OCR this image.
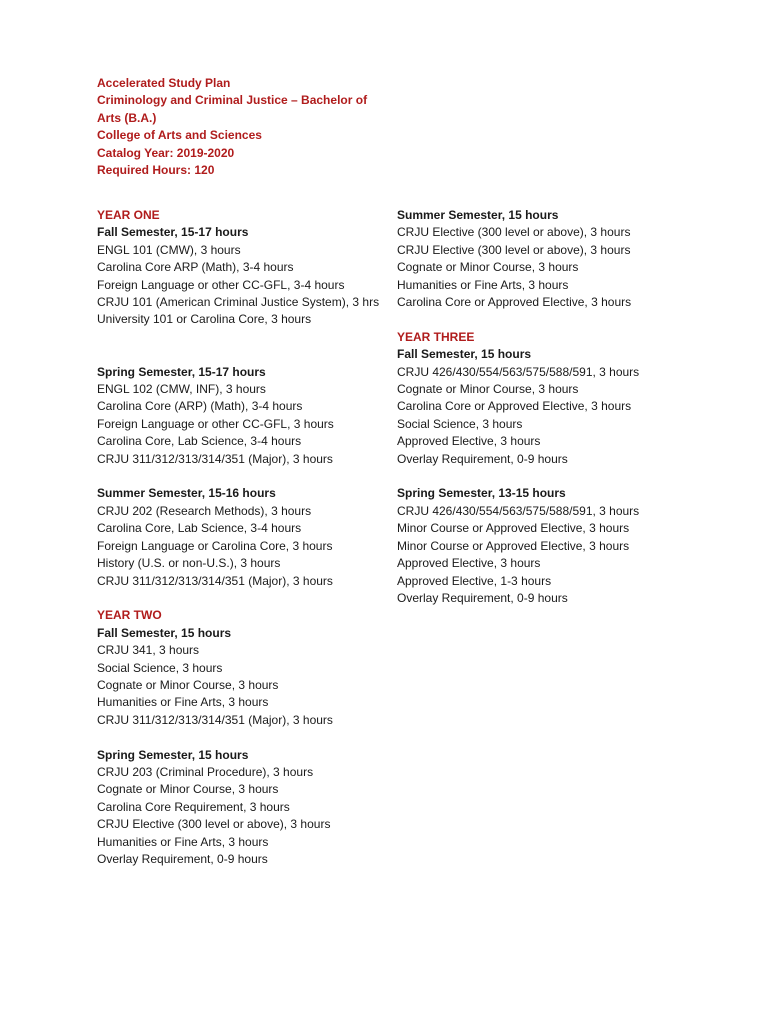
Accelerated Study Plan
Criminology and Criminal Justice – Bachelor of
Arts (B.A.)
College of Arts and Sciences
Catalog Year: 2019-2020
Required Hours: 120
YEAR ONE
Fall Semester, 15-17 hours
ENGL 101 (CMW), 3 hours
Carolina Core ARP (Math), 3-4 hours
Foreign Language or other CC-GFL, 3-4 hours
CRJU 101 (American Criminal Justice System), 3 hrs
University 101 or Carolina Core, 3 hours
Spring Semester, 15-17 hours
ENGL 102 (CMW, INF), 3 hours
Carolina Core (ARP) (Math), 3-4 hours
Foreign Language or other CC-GFL, 3 hours
Carolina Core, Lab Science, 3-4 hours
CRJU 311/312/313/314/351 (Major), 3 hours
Summer Semester, 15-16 hours
CRJU 202 (Research Methods), 3 hours
Carolina Core, Lab Science, 3-4 hours
Foreign Language or Carolina Core, 3 hours
History (U.S. or non-U.S.), 3 hours
CRJU 311/312/313/314/351 (Major), 3 hours
YEAR TWO
Fall Semester, 15 hours
CRJU 341, 3 hours
Social Science, 3 hours
Cognate or Minor Course, 3 hours
Humanities or Fine Arts, 3 hours
CRJU 311/312/313/314/351 (Major), 3 hours
Spring Semester, 15 hours
CRJU 203 (Criminal Procedure), 3 hours
Cognate or Minor Course, 3 hours
Carolina Core Requirement, 3 hours
CRJU Elective (300 level or above), 3 hours
Humanities or Fine Arts, 3 hours
Overlay Requirement, 0-9 hours
Summer Semester, 15 hours
CRJU Elective (300 level or above), 3 hours
CRJU Elective (300 level or above), 3 hours
Cognate or Minor Course, 3 hours
Humanities or Fine Arts, 3 hours
Carolina Core or Approved Elective, 3 hours
YEAR THREE
Fall Semester, 15 hours
CRJU 426/430/554/563/575/588/591, 3 hours
Cognate or Minor Course, 3 hours
Carolina Core or Approved Elective, 3 hours
Social Science, 3 hours
Approved Elective, 3 hours
Overlay Requirement, 0-9 hours
Spring Semester, 13-15 hours
CRJU 426/430/554/563/575/588/591, 3 hours
Minor Course or Approved Elective, 3 hours
Minor Course or Approved Elective, 3 hours
Approved Elective, 3 hours
Approved Elective, 1-3 hours
Overlay Requirement, 0-9 hours
